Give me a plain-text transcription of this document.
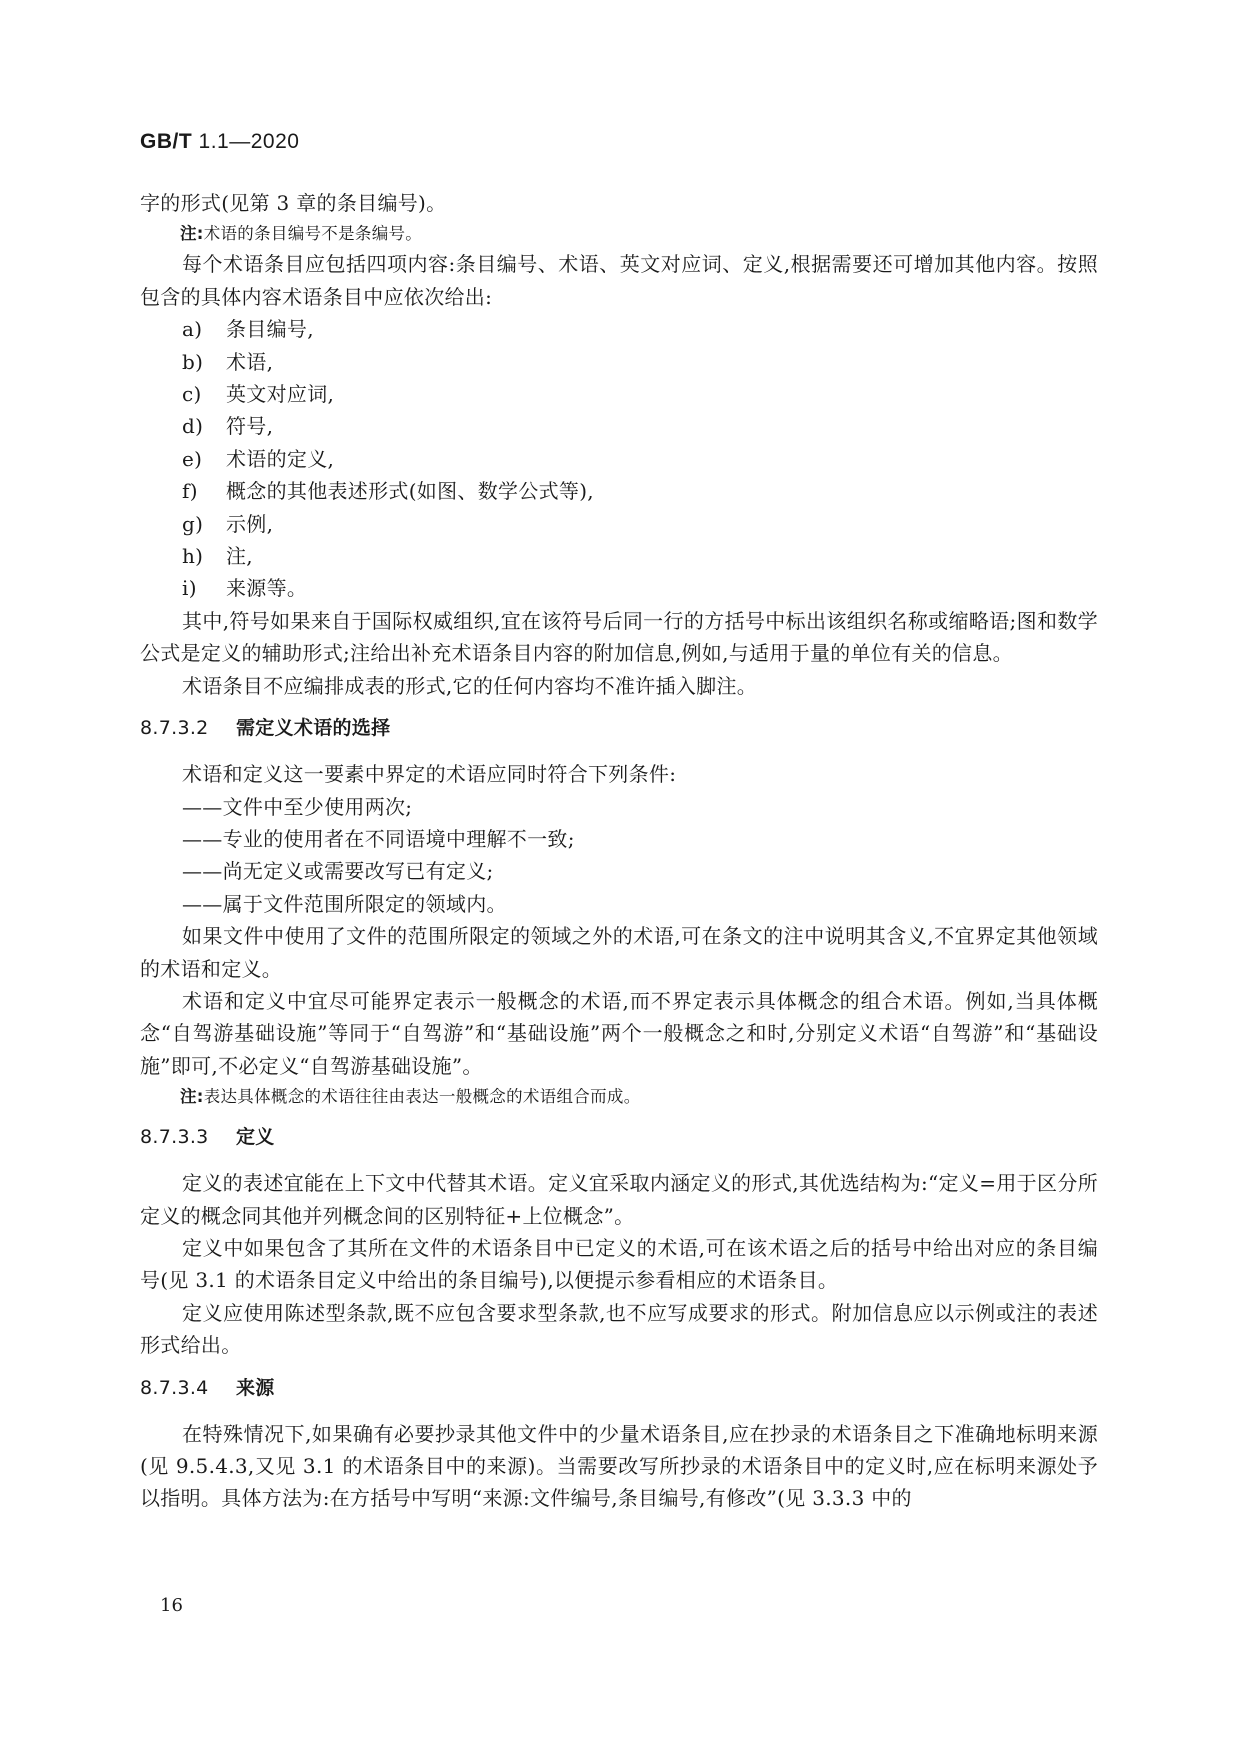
GB/T 1.1—2020

字的形式(见第 3 章的条目编号)。

注:术语的条目编号不是条编号。

每个术语条目应包括四项内容:条目编号、术语、英文对应词、定义,根据需要还可增加其他内容。按照包含的具体内容术语条目中应依次给出:

a) 条目编号,
b) 术语,
c) 英文对应词,
d) 符号,
e) 术语的定义,
f) 概念的其他表述形式(如图、数学公式等),
g) 示例,
h) 注,
i) 来源等。

其中,符号如果来自于国际权威组织,宜在该符号后同一行的方括号中标出该组织名称或缩略语;图和数学公式是定义的辅助形式;注给出补充术语条目内容的附加信息,例如,与适用于量的单位有关的信息。

术语条目不应编排成表的形式,它的任何内容均不准许插入脚注。

8.7.3.2 需定义术语的选择

术语和定义这一要素中界定的术语应同时符合下列条件:

——文件中至少使用两次;
——专业的使用者在不同语境中理解不一致;
——尚无定义或需要改写已有定义;
——属于文件范围所限定的领域内。

如果文件中使用了文件的范围所限定的领域之外的术语,可在条文的注中说明其含义,不宜界定其他领域的术语和定义。

术语和定义中宜尽可能界定表示一般概念的术语,而不界定表示具体概念的组合术语。例如,当具体概念“自驾游基础设施”等同于“自驾游”和“基础设施”两个一般概念之和时,分别定义术语“自驾游”和“基础设施”即可,不必定义“自驾游基础设施”。

注:表达具体概念的术语往往由表达一般概念的术语组合而成。

8.7.3.3 定义

定义的表述宜能在上下文中代替其术语。定义宜采取内涵定义的形式,其优选结构为:“定义=用于区分所定义的概念同其他并列概念间的区别特征+上位概念”。

定义中如果包含了其所在文件的术语条目中已定义的术语,可在该术语之后的括号中给出对应的条目编号(见 3.1 的术语条目定义中给出的条目编号),以便提示参看相应的术语条目。

定义应使用陈述型条款,既不应包含要求型条款,也不应写成要求的形式。附加信息应以示例或注的表述形式给出。

8.7.3.4 来源

在特殊情况下,如果确有必要抄录其他文件中的少量术语条目,应在抄录的术语条目之下准确地标明来源(见 9.5.4.3,又见 3.1 的术语条目中的来源)。当需要改写所抄录的术语条目中的定义时,应在标明来源处予以指明。具体方法为:在方括号中写明“来源:文件编号,条目编号,有修改”(见 3.3.3 中的

16
